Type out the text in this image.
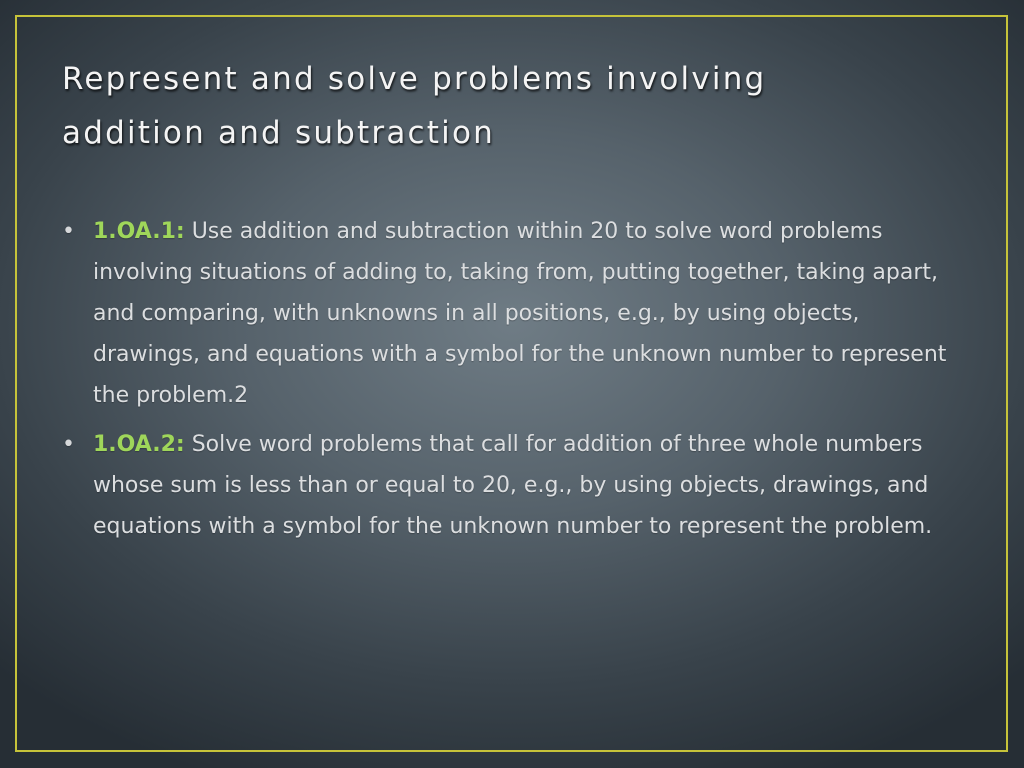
Represent and solve problems involving
addition and subtraction
• 1.OA.1: Use addition and subtraction within 20 to solve word problems involving situations of adding to, taking from, putting together, taking apart, and comparing, with unknowns in all positions, e.g., by using objects, drawings, and equations with a symbol for the unknown number to represent the problem.2
• 1.OA.2: Solve word problems that call for addition of three whole numbers whose sum is less than or equal to 20, e.g., by using objects, drawings, and equations with a symbol for the unknown number to represent the problem.
